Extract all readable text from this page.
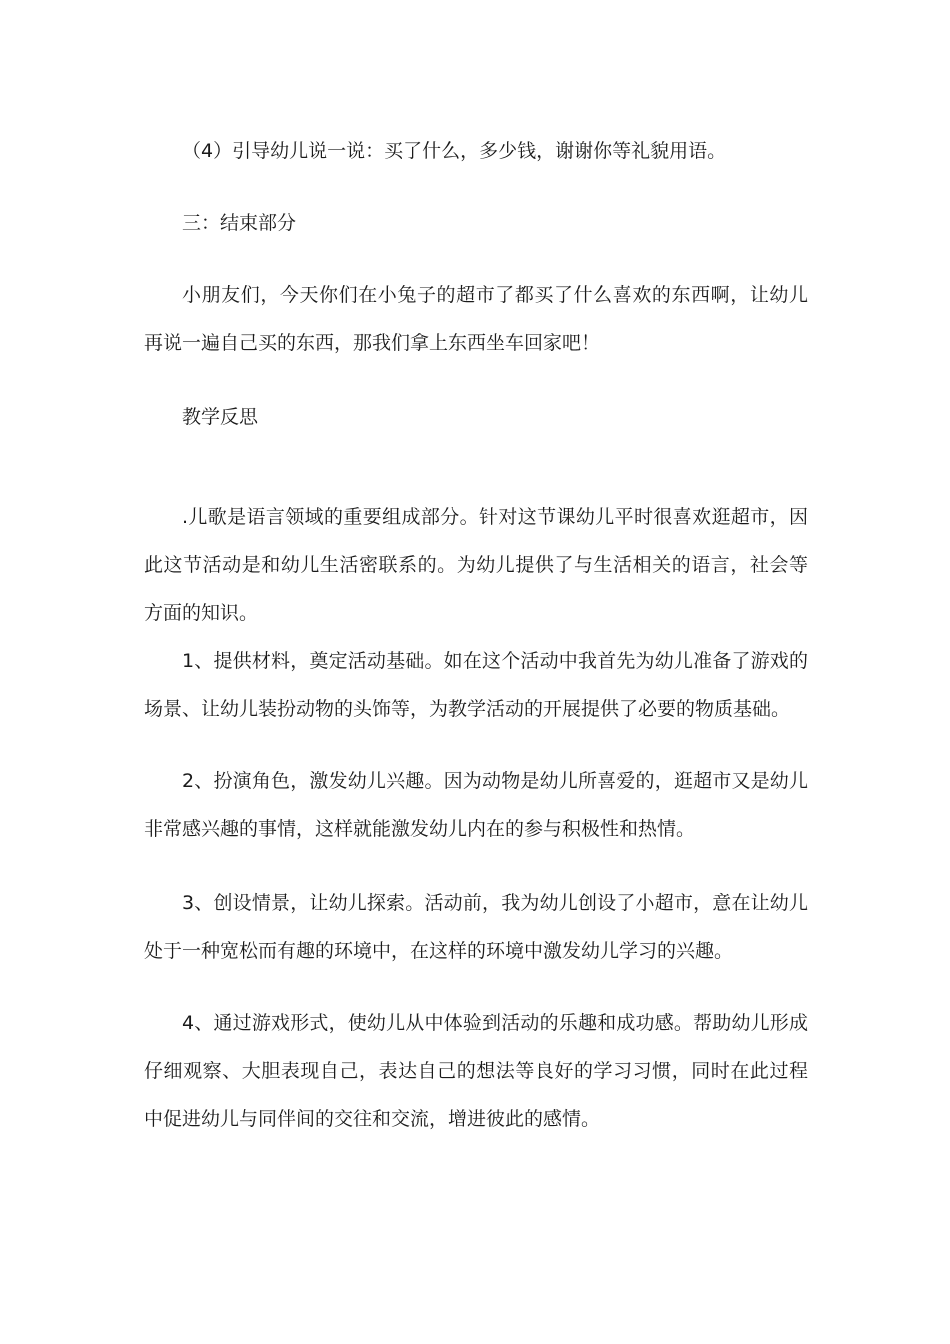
（4）引导幼儿说一说：买了什么，多少钱，谢谢你等礼貌用语。

三：结束部分

小朋友们，今天你们在小兔子的超市了都买了什么喜欢的东西啊，让幼儿再说一遍自己买的东西，那我们拿上东西坐车回家吧！

教学反思

.儿歌是语言领域的重要组成部分。针对这节课幼儿平时很喜欢逛超市，因此这节活动是和幼儿生活密联系的。为幼儿提供了与生活相关的语言，社会等方面的知识。

1、提供材料，奠定活动基础。如在这个活动中我首先为幼儿准备了游戏的场景、让幼儿装扮动物的头饰等，为教学活动的开展提供了必要的物质基础。

2、扮演角色，激发幼儿兴趣。因为动物是幼儿所喜爱的，逛超市又是幼儿非常感兴趣的事情，这样就能激发幼儿内在的参与积极性和热情。

3、创设情景，让幼儿探索。活动前，我为幼儿创设了小超市，意在让幼儿处于一种宽松而有趣的环境中，在这样的环境中激发幼儿学习的兴趣。

4、通过游戏形式，使幼儿从中体验到活动的乐趣和成功感。帮助幼儿形成仔细观察、大胆表现自己，表达自己的想法等良好的学习习惯，同时在此过程中促进幼儿与同伴间的交往和交流，增进彼此的感情。
